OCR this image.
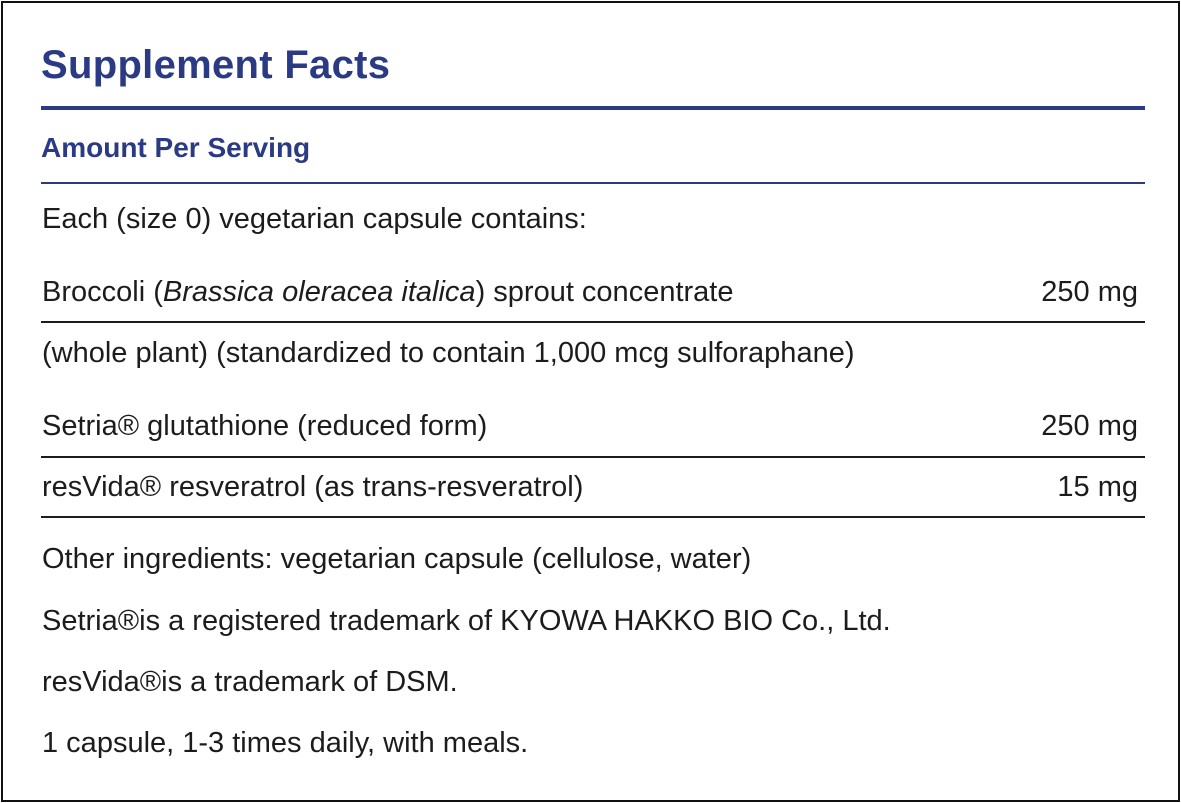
Supplement Facts
Amount Per Serving
Each (size 0) vegetarian capsule contains:
Broccoli (Brassica oleracea italica) sprout concentrate	250 mg
(whole plant) (standardized to contain 1,000 mcg sulforaphane)
Setria® glutathione (reduced form)	250 mg
resVida® resveratrol (as trans-resveratrol)	15 mg
Other ingredients: vegetarian capsule (cellulose, water)
Setria®is a registered trademark of KYOWA HAKKO BIO Co., Ltd.
resVida®is a trademark of DSM.
1 capsule, 1-3 times daily, with meals.
